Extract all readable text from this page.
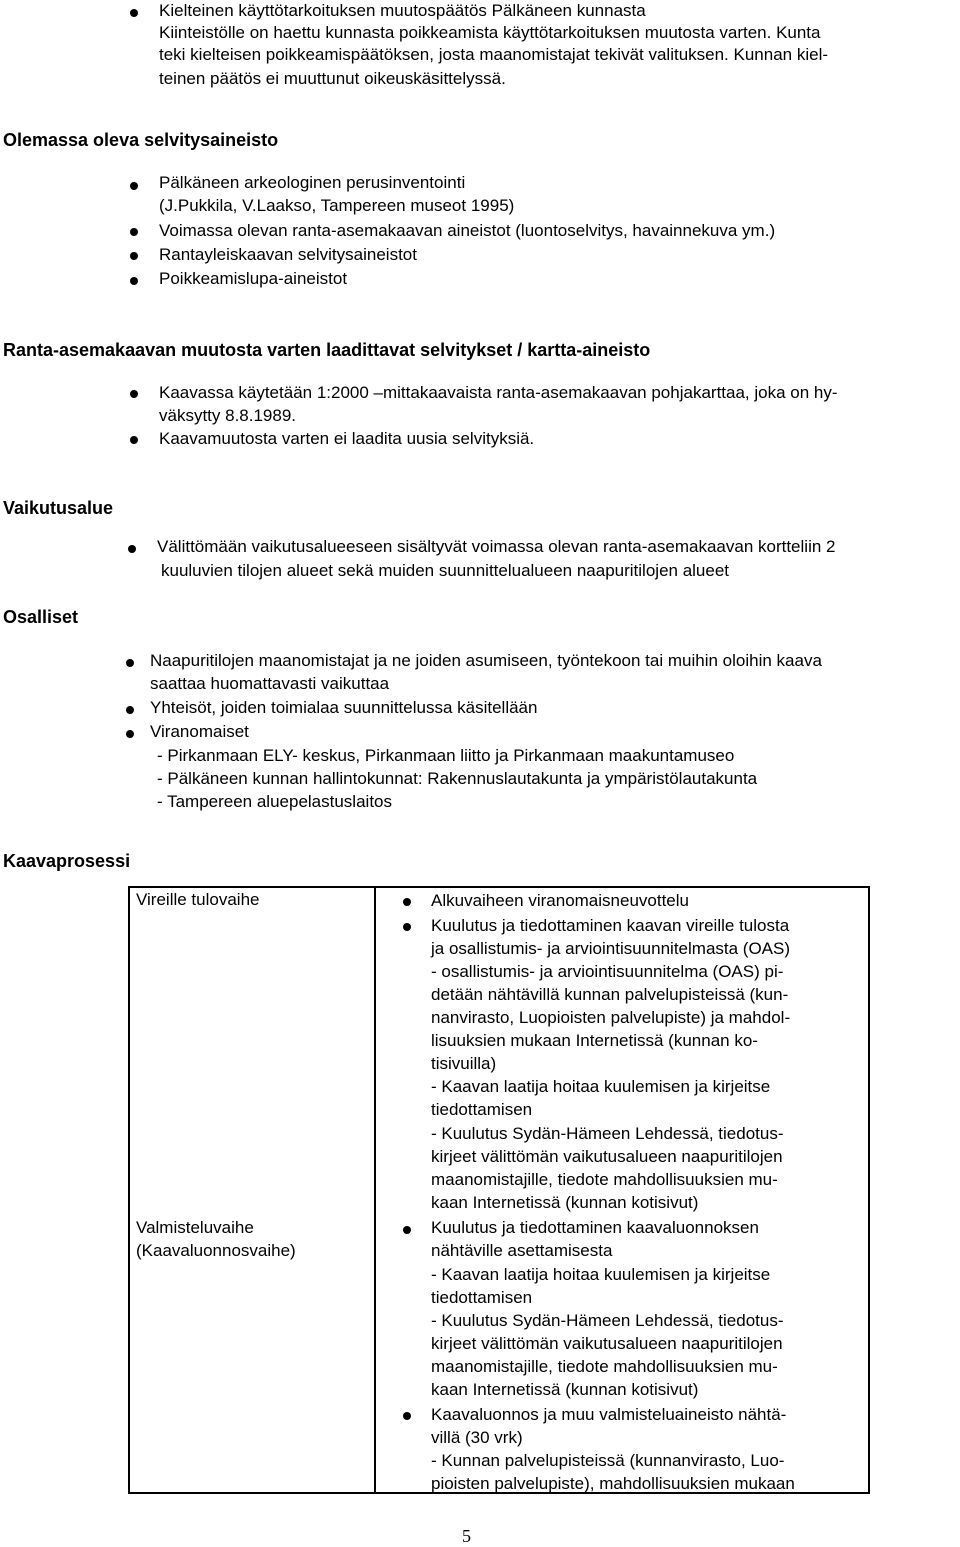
Kielteinen käyttötarkoituksen muutospäätös Pälkäneen kunnasta
Kiinteistölle on haettu kunnasta poikkeamista käyttötarkoituksen muutosta varten. Kunta
teki kielteisen poikkeamispäätöksen, josta maanomistajat tekivät valituksen. Kunnan kiel-
teinen päätös ei muuttunut oikeuskäsittelyssä.
Olemassa oleva selvitysaineisto
Pälkäneen arkeologinen perusinventointi
(J.Pukkila, V.Laakso, Tampereen museot 1995)
Voimassa olevan ranta-asemakaavan aineistot (luontoselvitys, havainnekuva ym.)
Rantayleiskaavan selvitysaineistot
Poikkeamislupa-aineistot
Ranta-asemakaavan muutosta varten laadittavat selvitykset / kartta-aineisto
Kaavassa käytetään 1:2000 –mittakaavaista ranta-asemakaavan pohjakarttaa, joka on hy-
väksytty 8.8.1989.
Kaavamuutosta varten ei laadita uusia selvityksiä.
Vaikutusalue
Välittömään vaikutusalueeseen sisältyvät voimassa olevan ranta-asemakaavan kortteliin 2
kuuluvien tilojen alueet sekä muiden suunnittelualueen naapuritilojen alueet
Osalliset
Naapuritilojen maanomistajat ja ne joiden asumiseen, työntekoon tai muihin oloihin kaava
saattaa huomattavasti vaikuttaa
Yhteisöt, joiden toimialaa suunnittelussa käsitellään
Viranomaiset
- Pirkanmaan ELY- keskus, Pirkanmaan liitto ja Pirkanmaan maakuntamuseo
- Pälkäneen kunnan hallintokunnat: Rakennuslautakunta ja ympäristölautakunta
- Tampereen aluepelastuslaitos
Kaavaprosessi
Vireille tulovaihe	Alkuvaiheen viranomaisneuvottelu
Kuulutus ja tiedottaminen kaavan vireille tulosta
ja osallistumis- ja arviointisuunnitelmasta (OAS)
- osallistumis- ja arviointisuunnitelma (OAS) pi-
detään nähtävillä kunnan palvelupisteissä (kun-
nanvirasto, Luopioisten palvelupiste) ja mahdol-
lisuuksien mukaan Internetissä (kunnan ko-
tisivuilla)
- Kaavan laatija hoitaa kuulemisen ja kirjeitse
tiedottamisen
- Kuulutus Sydän-Hämeen Lehdessä, tiedotus-
kirjeet välittömän vaikutusalueen naapuritilojen
maanomistajille, tiedote mahdollisuuksien mu-
kaan Internetissä (kunnan kotisivut)
Valmisteluvaihe
(Kaavaluonnosvaihe)
Kuulutus ja tiedottaminen kaavaluonnoksen
nähtäville asettamisesta
- Kaavan laatija hoitaa kuulemisen ja kirjeitse
tiedottamisen
- Kuulutus Sydän-Hämeen Lehdessä, tiedotus-
kirjeet välittömän vaikutusalueen naapuritilojen
maanomistajille, tiedote mahdollisuuksien mu-
kaan Internetissä (kunnan kotisivut)
Kaavaluonnos ja muu valmisteluaineisto nähtä-
villä (30 vrk)
- Kunnan palvelupisteissä (kunnanvirasto, Luo-
pioisten palvelupiste), mahdollisuuksien mukaan
5
